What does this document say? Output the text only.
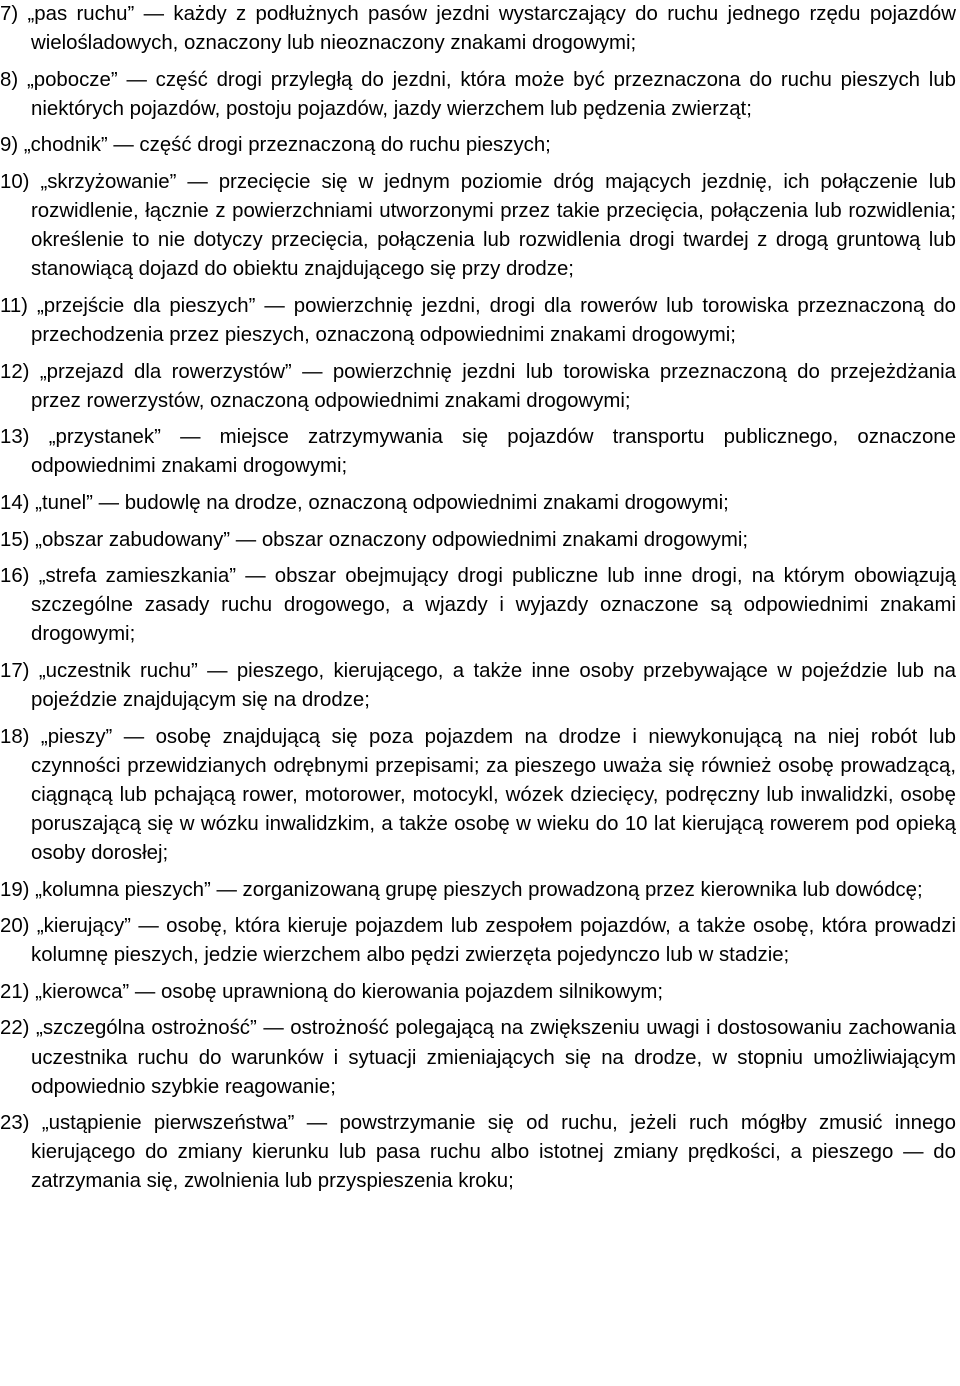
7) „pas ruchu” — każdy z podłużnych pasów jezdni wystarczający do ruchu jednego rzędu pojazdów wielośladowych, oznaczony lub nieoznaczony znakami drogowymi;

8) „pobocze” — część drogi przyległą do jezdni, która może być przeznaczona do ruchu pieszych lub niektórych pojazdów, postoju pojazdów, jazdy wierzchem lub pędzenia zwierząt;

9) „chodnik” — część drogi przeznaczoną do ruchu pieszych;

10) „skrzyżowanie” — przecięcie się w jednym poziomie dróg mających jezdnię, ich połączenie lub rozwidlenie, łącznie z powierzchniami utworzonymi przez takie przecięcia, połączenia lub rozwidlenia; określenie to nie dotyczy przecięcia, połączenia lub rozwidlenia drogi twardej z drogą gruntową lub stanowiącą dojazd do obiektu znajdującego się przy drodze;

11) „przejście dla pieszych” — powierzchnię jezdni, drogi dla rowerów lub torowiska przeznaczoną do przechodzenia przez pieszych, oznaczoną odpowiednimi znakami drogowymi;

12) „przejazd dla rowerzystów” — powierzchnię jezdni lub torowiska przeznaczoną do przejeżdżania przez rowerzystów, oznaczoną odpowiednimi znakami drogowymi;

13) „przystanek” — miejsce zatrzymywania się pojazdów transportu publicznego, oznaczone odpowiednimi znakami drogowymi;

14) „tunel” — budowlę na drodze, oznaczoną odpowiednimi znakami drogowymi;

15) „obszar zabudowany” — obszar oznaczony odpowiednimi znakami drogowymi;

16) „strefa zamieszkania” — obszar obejmujący drogi publiczne lub inne drogi, na którym obowiązują szczególne zasady ruchu drogowego, a wjazdy i wyjazdy oznaczone są odpowiednimi znakami drogowymi;

17) „uczestnik ruchu” — pieszego, kierującego, a także inne osoby przebywające w pojeździe lub na pojeździe znajdującym się na drodze;

18) „pieszy” — osobę znajdującą się poza pojazdem na drodze i niewykonującą na niej robót lub czynności przewidzianych odrębnymi przepisami; za pieszego uważa się również osobę prowadzącą, ciągnącą lub pchającą rower, motorower, motocykl, wózek dziecięcy, podręczny lub inwalidzki, osobę poruszającą się w wózku inwalidzkim, a także osobę w wieku do 10 lat kierującą rowerem pod opieką osoby dorosłej;

19) „kolumna pieszych” — zorganizowaną grupę pieszych prowadzoną przez kierownika lub dowódcę;

20) „kierujący” — osobę, która kieruje pojazdem lub zespołem pojazdów, a także osobę, która prowadzi kolumnę pieszych, jedzie wierzchem albo pędzi zwierzęta pojedynczo lub w stadzie;

21) „kierowca” — osobę uprawnioną do kierowania pojazdem silnikowym;

22) „szczególna ostrożność” — ostrożność polegającą na zwiększeniu uwagi i dostosowaniu zachowania uczestnika ruchu do warunków i sytuacji zmieniających się na drodze, w stopniu umożliwiającym odpowiednio szybkie reagowanie;

23) „ustąpienie pierwszeństwa” — powstrzymanie się od ruchu, jeżeli ruch mógłby zmusić innego kierującego do zmiany kierunku lub pasa ruchu albo istotnej zmiany prędkości, a pieszego — do zatrzymania się, zwolnienia lub przyspieszenia kroku;
